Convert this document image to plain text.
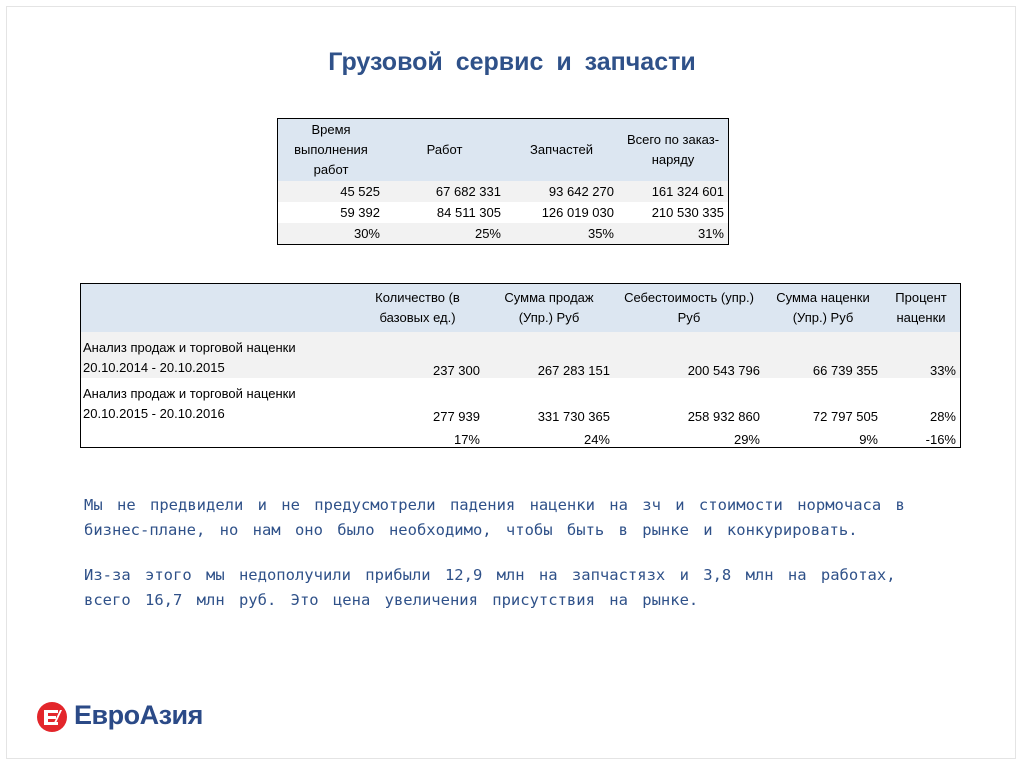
Грузовой сервис и запчасти
Время выполнения работ	Работ	Запчастей	Всего по заказ-наряду
45 525	67 682 331	93 642 270	161 324 601
59 392	84 511 305	126 019 030	210 530 335
30%	25%	35%	31%
	Количество (в базовых ед.)	Сумма продаж (Упр.) Руб	Себестоимость (упр.) Руб	Сумма наценки (Упр.) Руб	Процент наценки
Анализ продаж и торговой наценки 20.10.2014 - 20.10.2015	237 300	267 283 151	200 543 796	66 739 355	33%
Анализ продаж и торговой наценки 20.10.2015 - 20.10.2016	277 939	331 730 365	258 932 860	72 797 505	28%
	17%	24%	29%	9%	-16%

Мы не предвидели и не предусмотрели падения наценки на зч и стоимости нормочаса в бизнес-плане, но нам оно было необходимо, чтобы быть в рынке и конкурировать.

Из-за этого мы недополучили прибыли 12,9 млн на запчастязх и 3,8 млн на работах, всего 16,7 млн руб. Это цена увеличения присутствия на рынке.

ЕвроАзия
